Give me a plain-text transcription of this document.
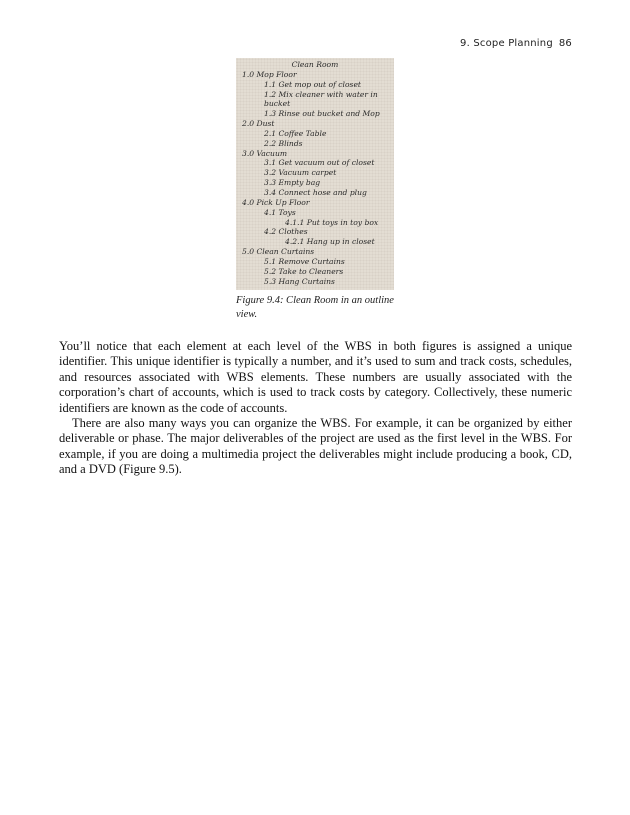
9. Scope Planning 86
Clean Room
1.0 Mop Floor
1.1 Get mop out of closet
1.2 Mix cleaner with water in
bucket
1.3 Rinse out bucket and Mop
2.0 Dust
2.1 Coffee Table
2.2 Blinds
3.0 Vacuum
3.1 Get vacuum out of closet
3.2 Vacuum carpet
3.3 Empty bag
3.4 Connect hose and plug
4.0 Pick Up Floor
4.1 Toys
4.1.1 Put toys in toy box
4.2 Clothes
4.2.1 Hang up in closet
5.0 Clean Curtains
5.1 Remove Curtains
5.2 Take to Cleaners
5.3 Hang Curtains
Figure 9.4: Clean Room in an outline view.

You’ll notice that each element at each level of the WBS in both figures is assigned a unique identifier. This unique identifier is typically a number, and it’s used to sum and track costs, schedules, and resources associated with WBS elements. These numbers are usually associated with the corporation’s chart of accounts, which is used to track costs by category. Collectively, these numeric identifiers are known as the code of accounts.

There are also many ways you can organize the WBS. For example, it can be organized by either deliverable or phase. The major deliverables of the project are used as the first level in the WBS. For example, if you are doing a multimedia project the deliverables might include producing a book, CD, and a DVD (Figure 9.5).
